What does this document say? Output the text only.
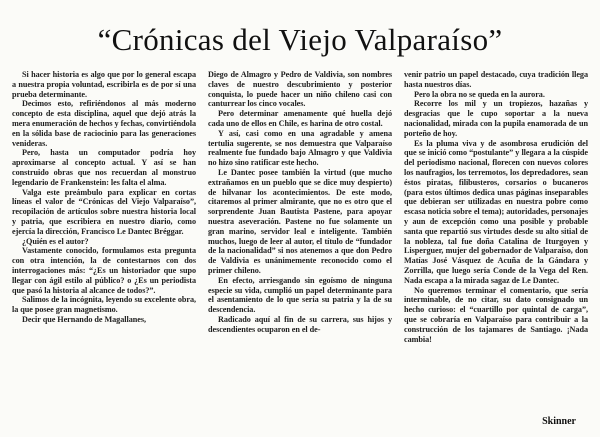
“Crónicas del Viejo Valparaíso”

Si hacer historia es algo que por lo general escapa a nuestra propia voluntad, escribirla es de por sí una prueba determinante.

Decimos esto, refiriéndonos al más moderno concepto de esta disciplina, aquel que dejó atrás la mera enumeración de hechos y fechas, convirtiéndola en la sólida base de raciocinio para las generaciones venideras.

Pero, hasta un computador podría hoy aproximarse al concepto actual. Y así se han construido obras que nos recuerdan al monstruo legendario de Frankenstein: les falta el alma.

Valga este preámbulo para explicar en cortas líneas el valor de “Crónicas del Viejo Valparaíso”, recopilación de artículos sobre nuestra historia local y patria, que escribiera en nuestro diario, como ejercía la dirección, Francisco Le Dantec Bréggar.

¿Quién es el autor?

Vastamente conocido, formulamos esta pregunta con otra intención, la de contestarnos con dos interrogaciones más: “¿Es un historiador que supo llegar con ágil estilo al público? o ¿Es un periodista que pasó la historia al alcance de todos?”.

Salimos de la incógnita, leyendo su excelente obra, la que posee gran magnetismo.

Decir que Hernando de Magallanes,

Diego de Almagro y Pedro de Valdivia, son nombres claves de nuestro descubrimiento y posterior conquista, lo puede hacer un niño chileno casi con canturrear los cinco vocales.

Pero determinar amenamente qué huella dejó cada uno de ellos en Chile, es harina de otro costal.

Y así, casi como en una agradable y amena tertulia sugerente, se nos demuestra que Valparaíso realmente fue fundado bajo Almagro y que Valdivia no hizo sino ratificar este hecho.

Le Dantec posee también la virtud (que mucho extrañamos en un pueblo que se dice muy despierto) de hilvanar los acontecimientos. De este modo, citaremos al primer almirante, que no es otro que el sorprendente Juan Bautista Pastene, para apoyar nuestra aseveración. Pastene no fue solamente un gran marino, servidor leal e inteligente. También muchos, luego de leer al autor, el título de “fundador de la nacionalidad” si nos atenemos a que don Pedro de Valdivia es unánimemente reconocido como el primer chileno.

En efecto, arriesgando sin egoísmo de ninguna especie su vida, cumplió un papel determinante para el asentamiento de lo que sería su patria y la de su descendencia.

Radicado aquí al fin de su carrera, sus hijos y descendientes ocuparon en el de-

venir patrio un papel destacado, cuya tradición llega hasta nuestros días.

Pero la obra no se queda en la aurora.

Recorre los mil y un tropiezos, hazañas y desgracias que le cupo soportar a la nueva nacionalidad, mirada con la pupila enamorada de un porteño de hoy.

Es la pluma viva y de asombrosa erudición del que se inició como “postulante” y llegara a la cúspide del periodismo nacional, florecen con nuevos colores los naufragios, los terremotos, los depredadores, sean éstos piratas, filibusteros, corsarios o bucaneros (para estos últimos dedica unas páginas inseparables que debieran ser utilizadas en nuestra pobre como escasa noticia sobre el tema); autoridades, personajes y aun de excepción como una posible y probable santa que repartió sus virtudes desde su alto sitial de la nobleza, tal fue doña Catalina de Iturgoyen y Lisperguer, mujer del gobernador de Valparaíso, don Matías José Vásquez de Acuña de la Gándara y Zorrilla, que luego sería Conde de la Vega del Ren. Nada escapa a la mirada sagaz de Le Dantec.

No queremos terminar el comentario, que sería interminable, de no citar, su dato consignado un hecho curioso: el “cuartillo por quintal de carga”, que se cobraría en Valparaíso para contribuir a la construcción de los tajamares de Santiago. ¡Nada cambia!

Skinner
